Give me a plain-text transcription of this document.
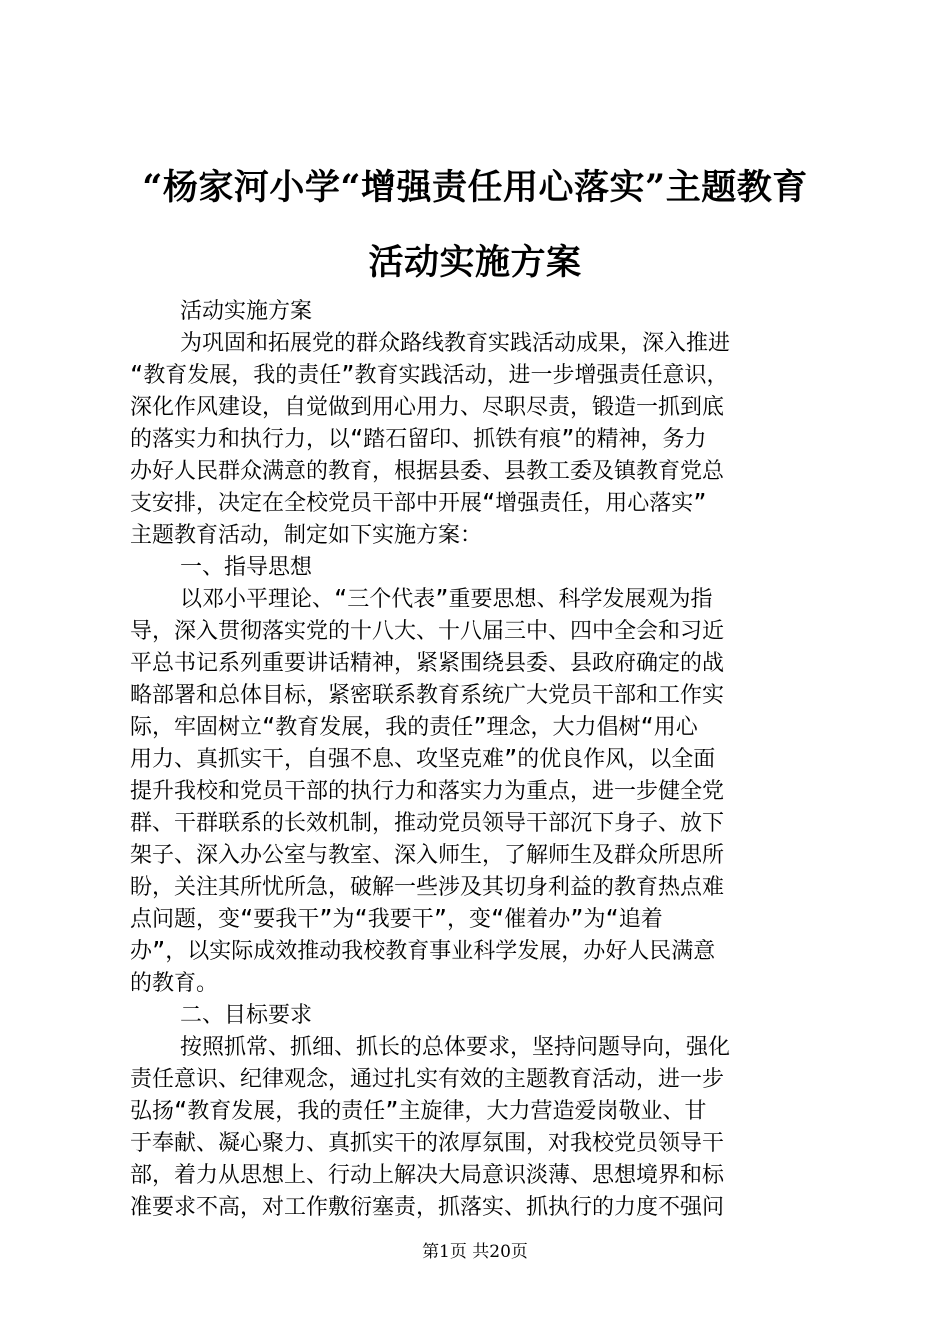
“杨家河小学“增强责任用心落实”主题教育
活动实施方案
活动实施方案
为巩固和拓展党的群众路线教育实践活动成果，深入推进
“教育发展，我的责任”教育实践活动，进一步增强责任意识，
深化作风建设，自觉做到用心用力、尽职尽责，锻造一抓到底
的落实力和执行力，以“踏石留印、抓铁有痕”的精神，务力
办好人民群众满意的教育，根据县委、县教工委及镇教育党总
支安排，决定在全校党员干部中开展“增强责任，用心落实”
主题教育活动，制定如下实施方案：
一、指导思想
以邓小平理论、“三个代表”重要思想、科学发展观为指
导，深入贯彻落实党的十八大、十八届三中、四中全会和习近
平总书记系列重要讲话精神，紧紧围绕县委、县政府确定的战
略部署和总体目标，紧密联系教育系统广大党员干部和工作实
际，牢固树立“教育发展，我的责任”理念，大力倡树“用心
用力、真抓实干，自强不息、攻坚克难”的优良作风，以全面
提升我校和党员干部的执行力和落实力为重点，进一步健全党
群、干群联系的长效机制，推动党员领导干部沉下身子、放下
架子、深入办公室与教室、深入师生，了解师生及群众所思所
盼，关注其所忧所急，破解一些涉及其切身利益的教育热点难
点问题，变“要我干”为“我要干”，变“催着办”为“追着
办”，以实际成效推动我校教育事业科学发展，办好人民满意
的教育。
二、目标要求
按照抓常、抓细、抓长的总体要求，坚持问题导向，强化
责任意识、纪律观念，通过扎实有效的主题教育活动，进一步
弘扬“教育发展，我的责任”主旋律，大力营造爱岗敬业、甘
于奉献、凝心聚力、真抓实干的浓厚氛围，对我校党员领导干
部，着力从思想上、行动上解决大局意识淡薄、思想境界和标
准要求不高，对工作敷衍塞责，抓落实、抓执行的力度不强问
第1页 共20页
